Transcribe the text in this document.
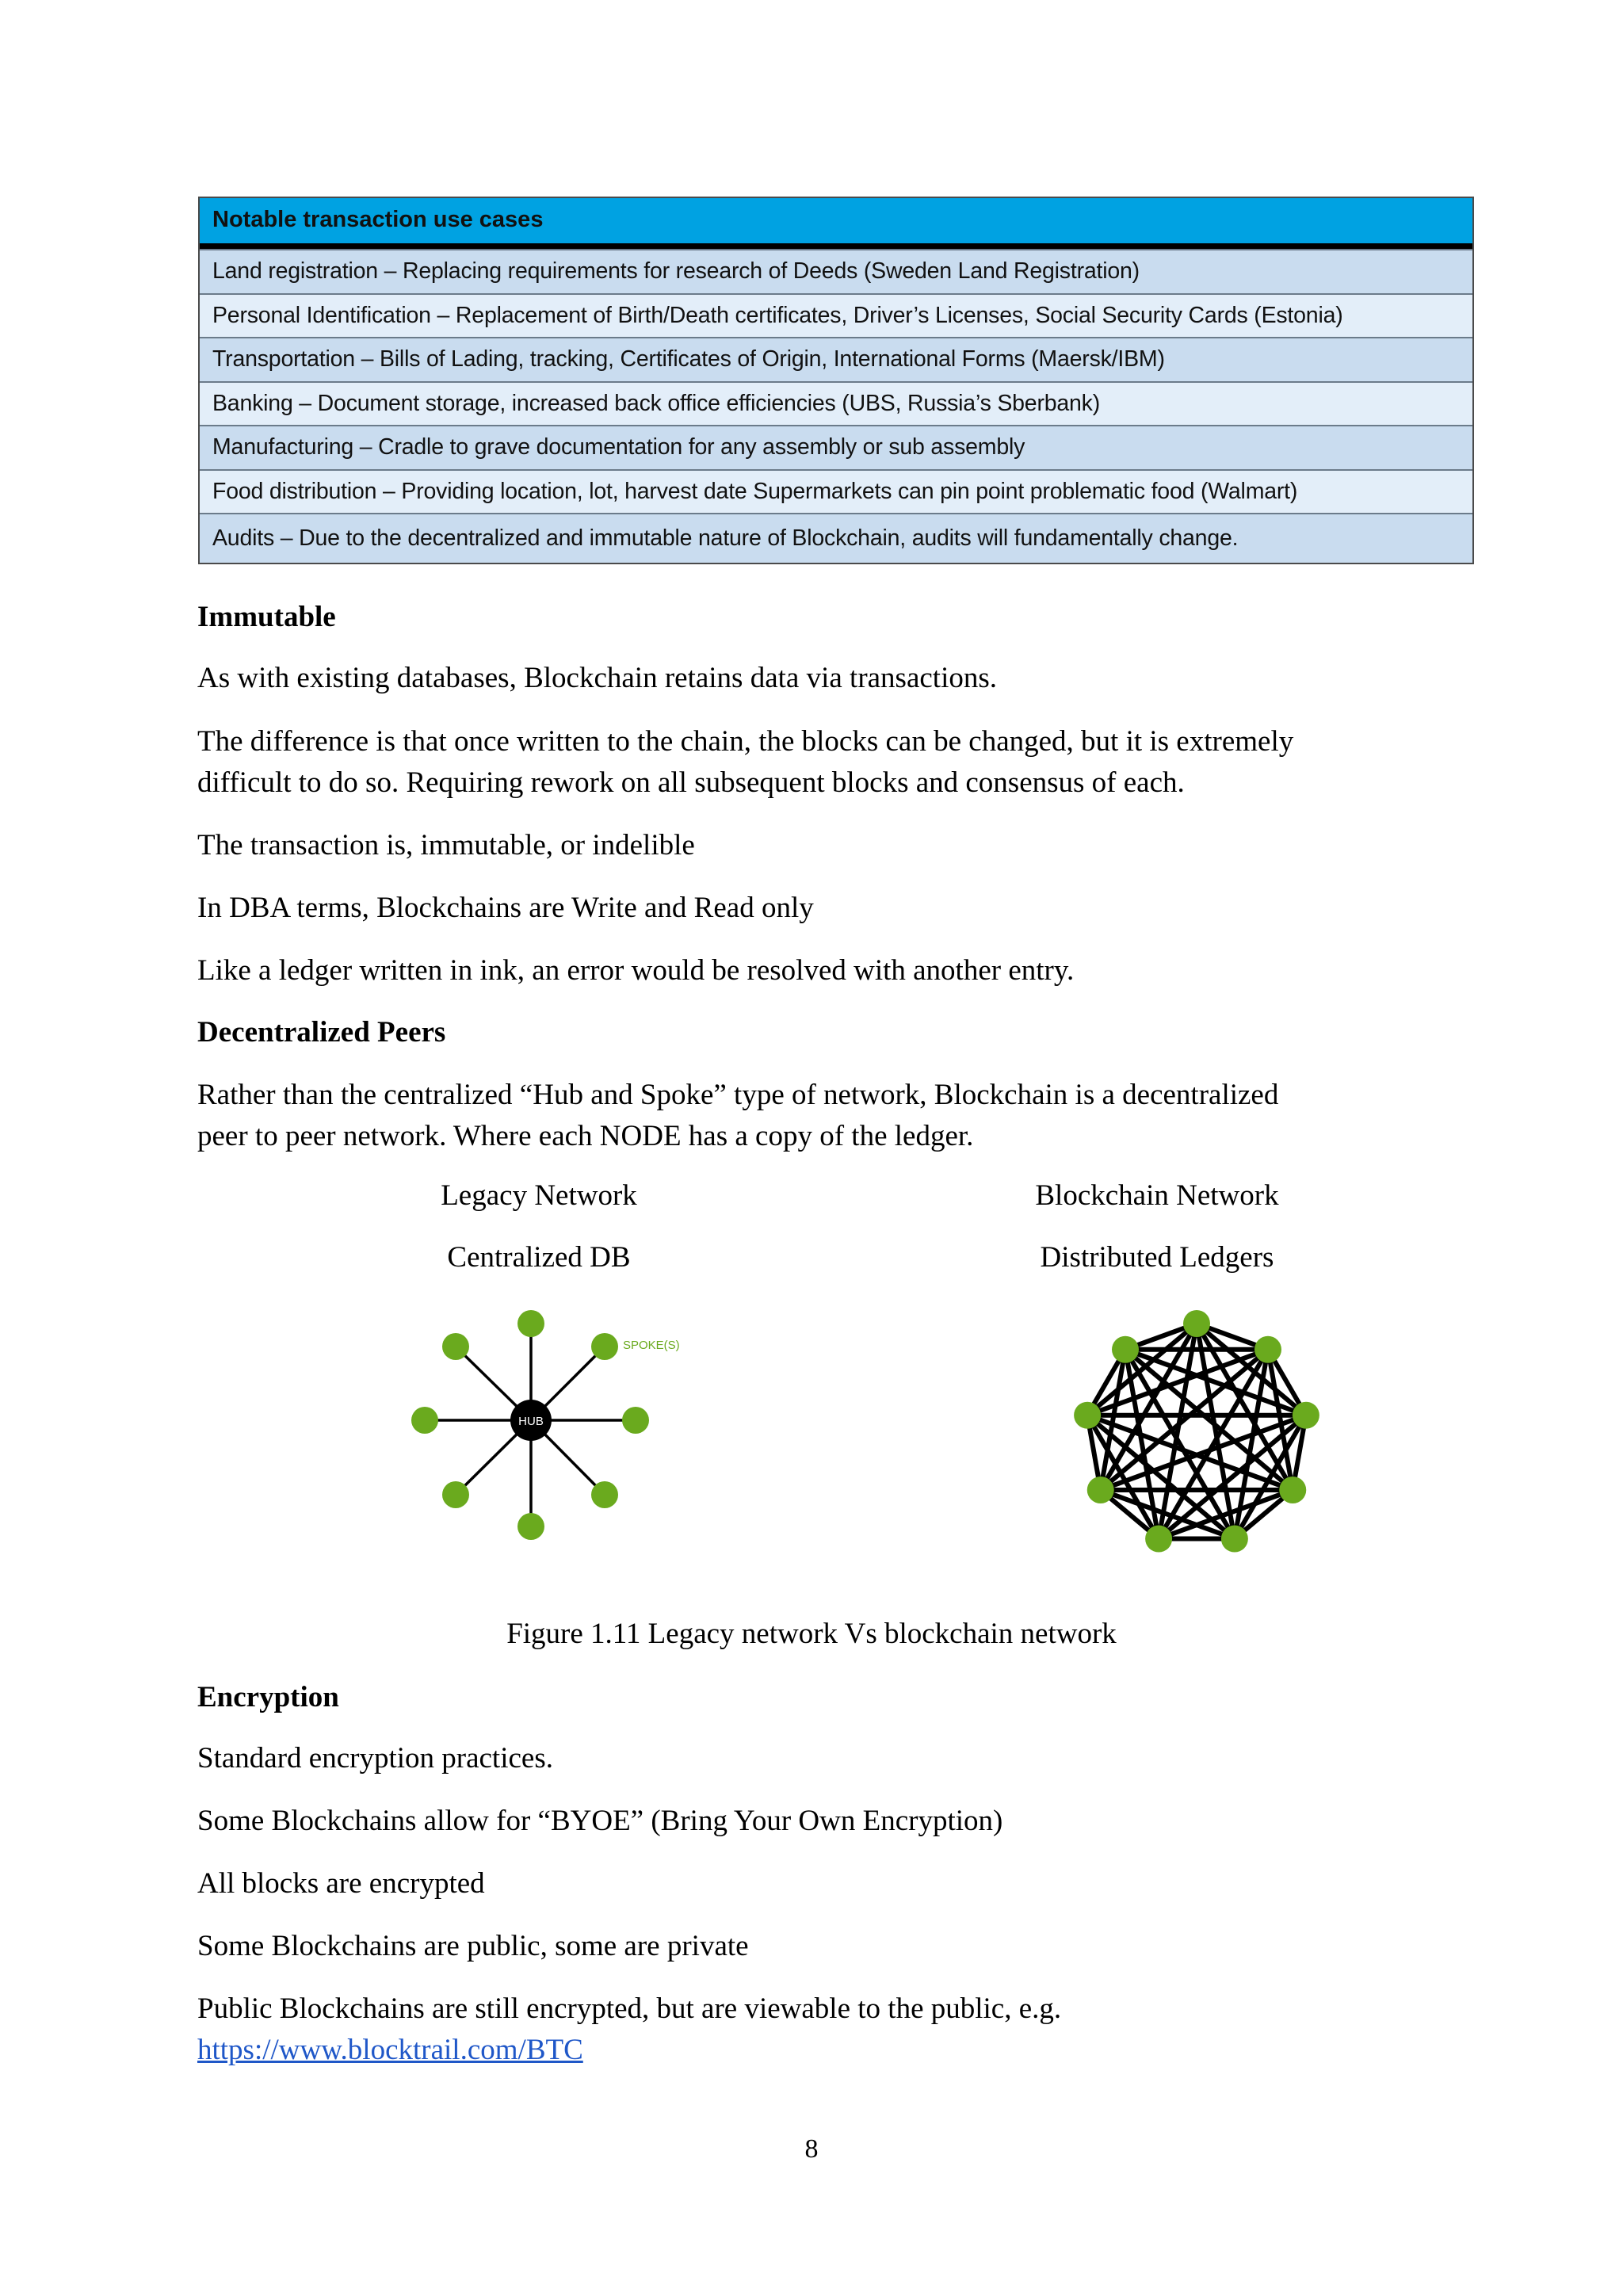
Notable transaction use cases
Land registration – Replacing requirements for research of Deeds (Sweden Land Registration)
Personal Identification – Replacement of Birth/Death certificates, Driver’s Licenses, Social Security Cards (Estonia)
Transportation – Bills of Lading, tracking, Certificates of Origin, International Forms (Maersk/IBM)
Banking – Document storage, increased back office efficiencies (UBS, Russia’s Sberbank)
Manufacturing – Cradle to grave documentation for any assembly or sub assembly
Food distribution – Providing location, lot, harvest date Supermarkets can pin point problematic food (Walmart)
Audits – Due to the decentralized and immutable nature of Blockchain, audits will fundamentally change.
Immutable
As with existing databases, Blockchain retains data via transactions.
The difference is that once written to the chain, the blocks can be changed, but it is extremely
difficult to do so. Requiring rework on all subsequent blocks and consensus of each.
The transaction is, immutable, or indelible
In DBA terms, Blockchains are Write and Read only
Like a ledger written in ink, an error would be resolved with another entry.
Decentralized Peers
Rather than the centralized “Hub and Spoke” type of network, Blockchain is a decentralized
peer to peer network. Where each NODE has a copy of the ledger.
Legacy Network
Centralized DB
Blockchain Network
Distributed Ledgers
HUB
SPOKE(S)
Figure 1.11 Legacy network Vs blockchain network
Encryption
Standard encryption practices.
Some Blockchains allow for “BYOE” (Bring Your Own Encryption)
All blocks are encrypted
Some Blockchains are public, some are private
Public Blockchains are still encrypted, but are viewable to the public, e.g.
https://www.blocktrail.com/BTC
8
